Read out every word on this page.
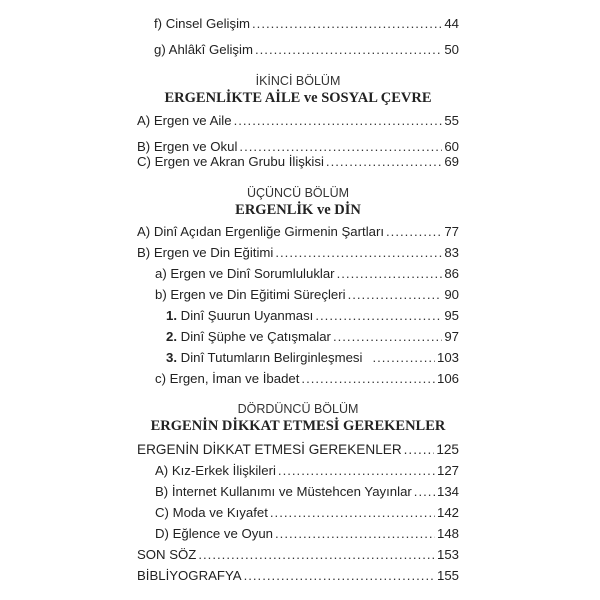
f) Cinsel Gelişim .....	44
g) Ahlâkî Gelişim .....	50
İKİNCİ BÖLÜM
ERGENLİKTE AİLE ve SOSYAL ÇEVRE
A) Ergen ve Aile .....	55
B) Ergen ve Okul .....	60
C) Ergen ve Akran Grubu İlişkisi .....	69
ÜÇÜNCÜ BÖLÜM
ERGENLİK ve DİN
A) Dinî Açıdan Ergenliğe Girmenin Şartları .....	77
B) Ergen ve Din Eğitimi .....	83
a) Ergen ve Dinî Sorumluluklar .....	86
b) Ergen ve Din Eğitimi Süreçleri .....	90
1. Dinî Şuurun Uyanması .....	95
2. Dinî Şüphe ve Çatışmalar .....	97
3. Dinî Tutumların Belirginleşmesi .....	103
c) Ergen, İman ve İbadet .....	106
DÖRDÜNCÜ BÖLÜM
ERGENİN DİKKAT ETMESİ GEREKENLER
ERGENİN DİKKAT ETMESİ GEREKENLER .....	125
A) Kız-Erkek İlişkileri .....	127
B) İnternet Kullanımı ve Müstehcen Yayınlar ..... 134
C) Moda ve Kıyafet .....	142
D) Eğlence ve Oyun .....	148
SON SÖZ .....	153
BİBLİYOGRAFYA .....	155
